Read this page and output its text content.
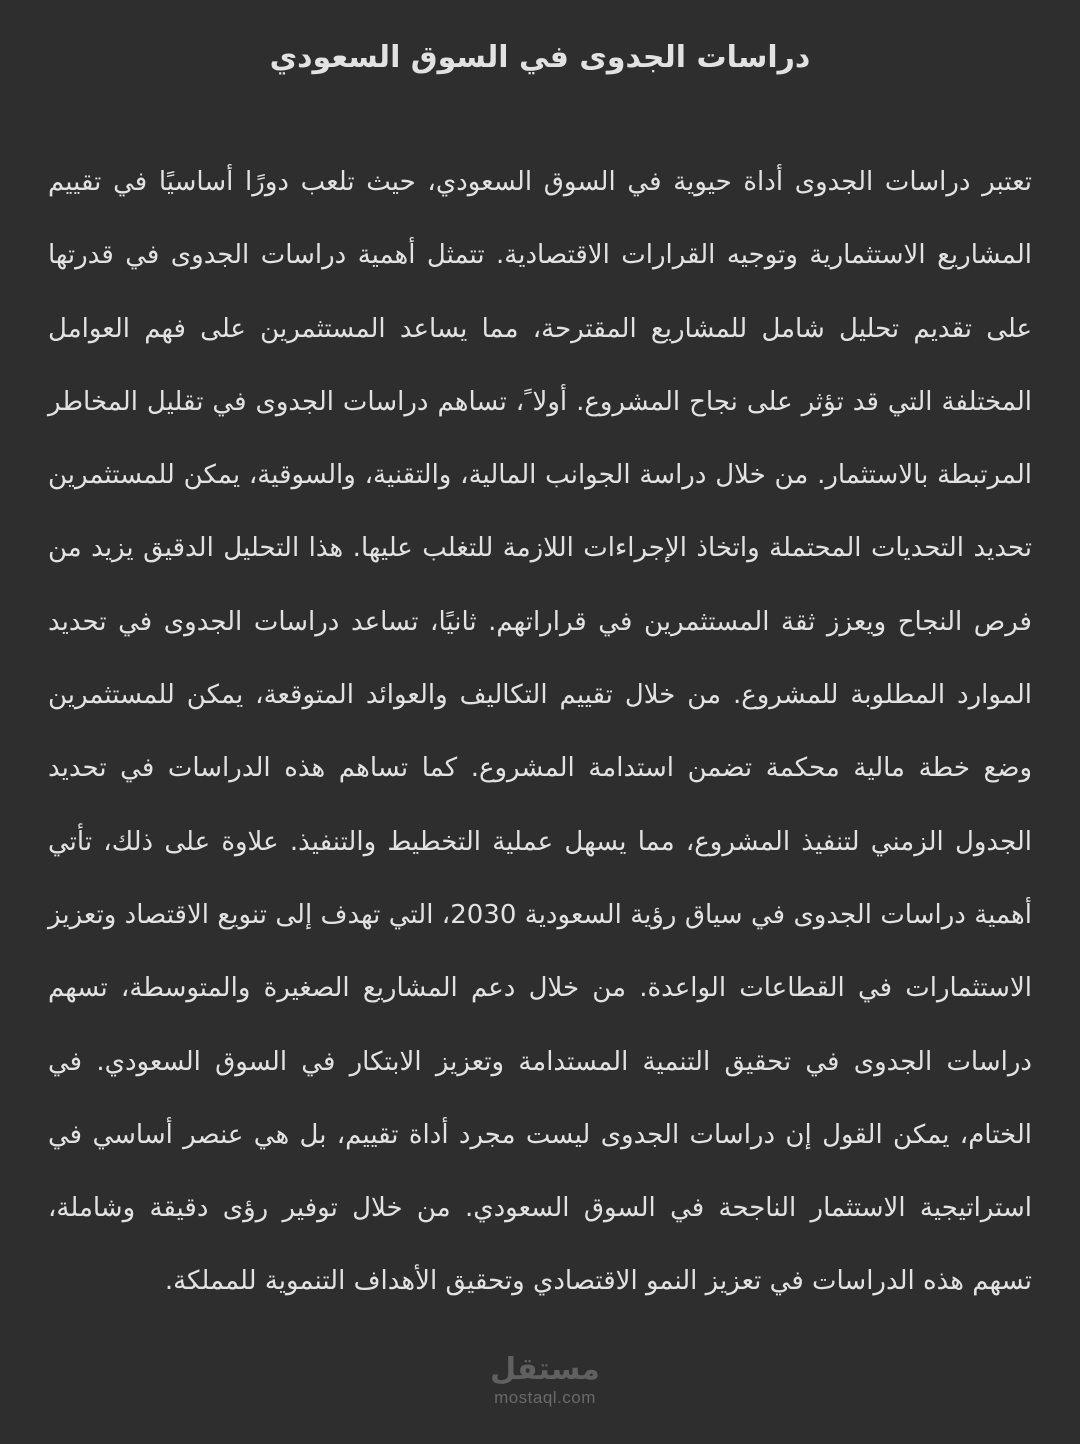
دراسات الجدوى في السوق السعودي

تعتبر دراسات الجدوى أداة حيوية في السوق السعودي، حيث تلعب دورًا أساسيًا في تقييم المشاريع الاستثمارية وتوجيه القرارات الاقتصادية. تتمثل أهمية دراسات الجدوى في قدرتها على تقديم تحليل شامل للمشاريع المقترحة، مما يساعد المستثمرين على فهم العوامل المختلفة التي قد تؤثر على نجاح المشروع. أولا ً، تساهم دراسات الجدوى في تقليل المخاطر المرتبطة بالاستثمار. من خلال دراسة الجوانب المالية، والتقنية، والسوقية، يمكن للمستثمرين تحديد التحديات المحتملة واتخاذ الإجراءات اللازمة للتغلب عليها. هذا التحليل الدقيق يزيد من فرص النجاح ويعزز ثقة المستثمرين في قراراتهم. ثانيًا، تساعد دراسات الجدوى في تحديد الموارد المطلوبة للمشروع. من خلال تقييم التكاليف والعوائد المتوقعة، يمكن للمستثمرين وضع خطة مالية محكمة تضمن استدامة المشروع. كما تساهم هذه الدراسات في تحديد الجدول الزمني لتنفيذ المشروع، مما يسهل عملية التخطيط والتنفيذ. علاوة على ذلك، تأتي أهمية دراسات الجدوى في سياق رؤية السعودية 2030، التي تهدف إلى تنويع الاقتصاد وتعزيز الاستثمارات في القطاعات الواعدة. من خلال دعم المشاريع الصغيرة والمتوسطة، تسهم دراسات الجدوى في تحقيق التنمية المستدامة وتعزيز الابتكار في السوق السعودي. في الختام، يمكن القول إن دراسات الجدوى ليست مجرد أداة تقييم، بل هي عنصر أساسي في استراتيجية الاستثمار الناجحة في السوق السعودي. من خلال توفير رؤى دقيقة وشاملة، تسهم هذه الدراسات في تعزيز النمو الاقتصادي وتحقيق الأهداف التنموية للمملكة.

مستقل
mostaql.com
